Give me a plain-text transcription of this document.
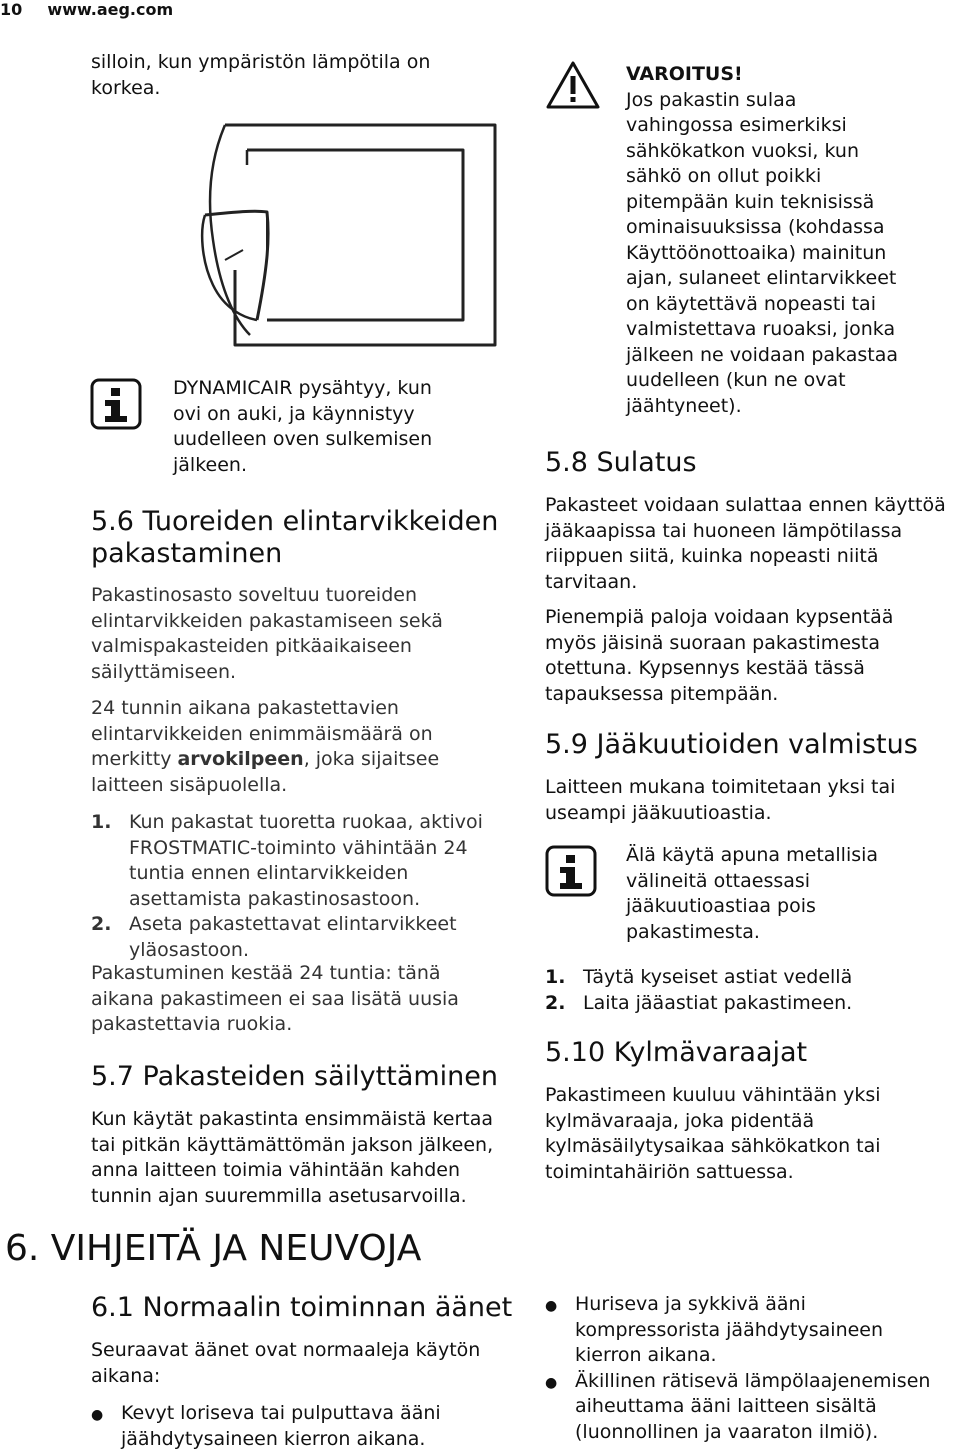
10 www.aeg.com
silloin, kun ympäristön lämpötila on
korkea.
DYNAMICAIR pysähtyy, kun
ovi on auki, ja käynnistyy
uudelleen oven sulkemisen
jälkeen.
5.6 Tuoreiden elintarvikkeiden
pakastaminen
Pakastinosasto soveltuu tuoreiden
elintarvikkeiden pakastamiseen sekä
valmispakasteiden pitkäaikaiseen
säilyttämiseen.
24 tunnin aikana pakastettavien
elintarvikkeiden enimmäismäärä on
merkitty arvokilpeen, joka sijaitsee
laitteen sisäpuolella.
1. Kun pakastat tuoretta ruokaa, aktivoi
FROSTMATIC-toiminto vähintään 24
tuntia ennen elintarvikkeiden
asettamista pakastinosastoon.
2. Aseta pakastettavat elintarvikkeet
yläosastoon.
Pakastuminen kestää 24 tuntia: tänä
aikana pakastimeen ei saa lisätä uusia
pakastettavia ruokia.
5.7 Pakasteiden säilyttäminen
Kun käytät pakastinta ensimmäistä kertaa
tai pitkän käyttämättömän jakson jälkeen,
anna laitteen toimia vähintään kahden
tunnin ajan suuremmilla asetusarvoilla.
6. VIHJEITÄ JA NEUVOJA
6.1 Normaalin toiminnan äänet
Seuraavat äänet ovat normaaleja käytön
aikana:
● Kevyt loriseva tai pulputtava ääni
jäähdytysaineen kierron aikana.
VAROITUS!
Jos pakastin sulaa
vahingossa esimerkiksi
sähkökatkon vuoksi, kun
sähkö on ollut poikki
pitempään kuin teknisissä
ominaisuuksissa (kohdassa
Käyttöönottoaika) mainitun
ajan, sulaneet elintarvikkeet
on käytettävä nopeasti tai
valmistettava ruoaksi, jonka
jälkeen ne voidaan pakastaa
uudelleen (kun ne ovat
jäähtyneet).
5.8 Sulatus
Pakasteet voidaan sulattaa ennen käyttöä
jääkaapissa tai huoneen lämpötilassa
riippuen siitä, kuinka nopeasti niitä
tarvitaan.
Pienempiä paloja voidaan kypsentää
myös jäisinä suoraan pakastimesta
otettuna. Kypsennys kestää tässä
tapauksessa pitempään.
5.9 Jääkuutioiden valmistus
Laitteen mukana toimitetaan yksi tai
useampi jääkuutioastia.
Älä käytä apuna metallisia
välineitä ottaessasi
jääkuutioastiaa pois
pakastimesta.
1. Täytä kyseiset astiat vedellä
2. Laita jääastiat pakastimeen.
5.10 Kylmävaraajat
Pakastimeen kuuluu vähintään yksi
kylmävaraaja, joka pidentää
kylmäsäilytysaikaa sähkökatkon tai
toimintahäiriön sattuessa.
● Huriseva ja sykkivä ääni
kompressorista jäähdytysaineen
kierron aikana.
● Äkillinen rätisevä lämpölaajenemisen
aiheuttama ääni laitteen sisältä
(luonnollinen ja vaaraton ilmiö).
